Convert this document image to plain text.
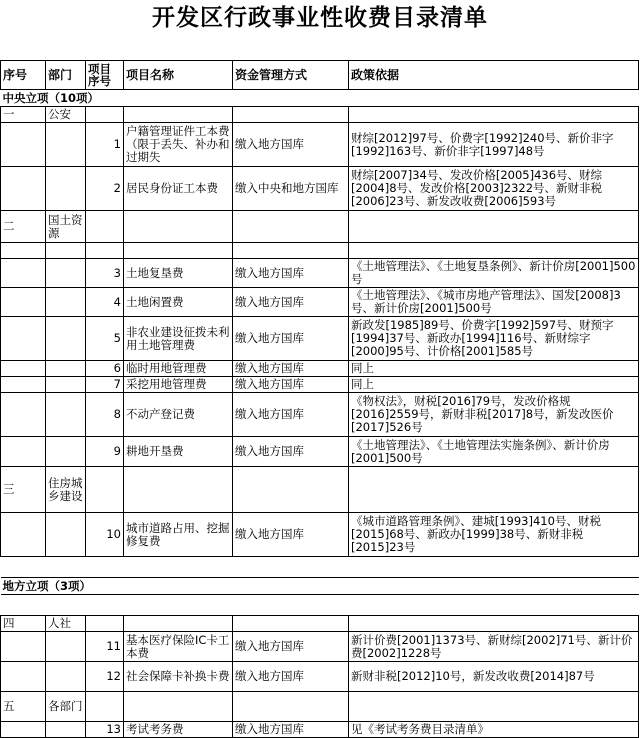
开发区行政事业性收费目录清单
序号	部门	项目序号	项目名称	资金管理方式	政策依据
中央立项（10项）					
一	公安				
		1	户籍管理证件工本费（限于丢失、补办和过期失	缴入地方国库	财综[2012]97号、价费字[1992]240号、新价非字[1992]163号、新价非字[1997]48号
		2	居民身份证工本费	缴入中央和地方国库	财综[2007]34号、发改价格[2005]436号、财综[2004]8号、发改价格[2003]2322号、新财非税[2006]23号、新发改收费[2006]593号
二	国土资源				

		3	土地复垦费	缴入地方国库	《土地管理法》、《土地复垦条例》、新计价房[2001]500号
		4	土地闲置费	缴入地方国库	《土地管理法》、《城市房地产管理法》、国发[2008]3号、新计价房[2001]500号
		5	非农业建设征拨未利用土地管理费	缴入地方国库	新政发[1985]89号、价费字[1992]597号、财预字[1994]37号、新政办[1994]116号、新财综字[2000]95号、计价格[2001]585号
		6	临时用地管理费	缴入地方国库	同上
		7	采挖用地管理费	缴入地方国库	同上
		8	不动产登记费	缴入地方国库	《物权法》，财税[2016]79号，发改价格规[2016]2559号，新财非税[2017]8号，新发改医价[2017]526号
		9	耕地开垦费	缴入地方国库	《土地管理法》、《土地管理法实施条例》、新计价房[2001]500号
三	住房城乡建设				
		10	城市道路占用、挖掘修复费	缴入地方国库	《城市道路管理条例》、建城[1993]410号、财税[2015]68号、新政办[1999]38号、新财非税[2015]23号

地方立项（3项）					

四	人社				
		11	基本医疗保险IC卡工本费	缴入地方国库	新计价费[2001]1373号、新财综[2002]71号、新计价费[2002]1228号
		12	社会保障卡补换卡费	缴入地方国库	新财非税[2012]10号，新发改收费[2014]87号
五	各部门				
		13	考试考务费	缴入地方国库	见《考试考务费目录清单》
